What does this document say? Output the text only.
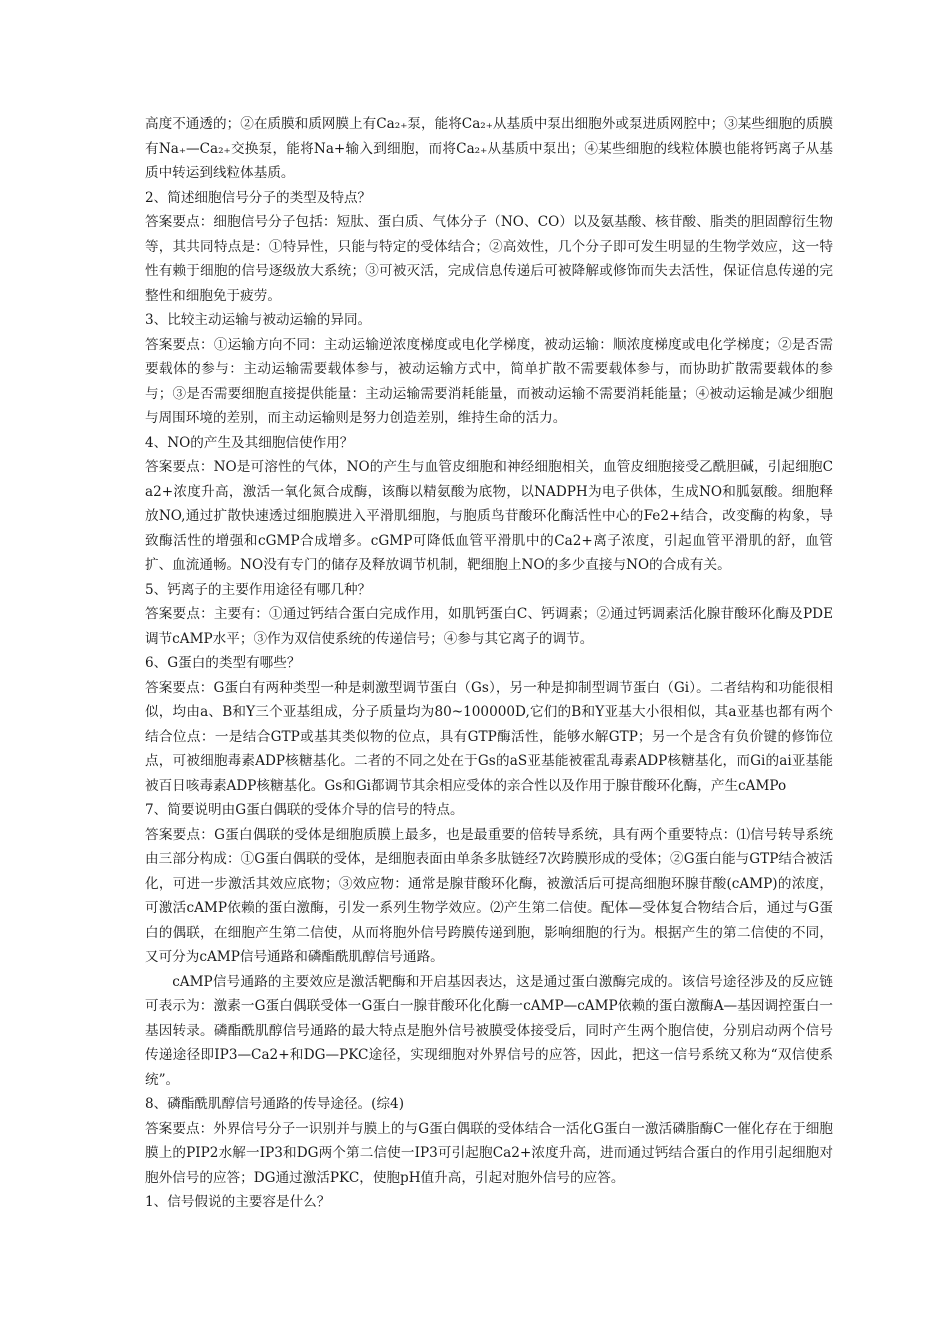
高度不通透的；②在质膜和质网膜上有Ca₂₊泵，能将Ca₂₊从基质中泵出细胞外或泵进质网腔中；③某些细胞的质膜有Na₊—Ca₂₊交换泵，能将Na+输入到细胞，而将Ca₂₊从基质中泵出；④某些细胞的线粒体膜也能将钙离子从基质中转运到线粒体基质。

2、简述细胞信号分子的类型及特点？

答案要点：细胞信号分子包括：短肽、蛋白质、气体分子（NO、CO）以及氨基酸、核苷酸、脂类的胆固醇衍生物等，其共同特点是：①特异性，只能与特定的受体结合；②高效性，几个分子即可发生明显的生物学效应，这一特性有赖于细胞的信号逐级放大系统；③可被灭活，完成信息传递后可被降解或修饰而失去活性，保证信息传递的完整性和细胞免于疲劳。

3、比较主动运输与被动运输的异同。

答案要点：①运输方向不同：主动运输逆浓度梯度或电化学梯度，被动运输：顺浓度梯度或电化学梯度；②是否需要载体的参与：主动运输需要载体参与，被动运输方式中，简单扩散不需要载体参与，而协助扩散需要载体的参与；③是否需要细胞直接提供能量：主动运输需要消耗能量，而被动运输不需要消耗能量；④被动运输是减少细胞与周围环境的差别，而主动运输则是努力创造差别，维持生命的活力。

4、NO的产生及其细胞信使作用？

答案要点：NO是可溶性的气体，NO的产生与血管皮细胞和神经细胞相关，血管皮细胞接受乙酰胆碱，引起细胞Ca2+浓度升高，激活一氧化氮合成酶，该酶以精氨酸为底物，以NADPH为电子供体，生成NO和胍氨酸。细胞释放NO,通过扩散快速透过细胞膜进入平滑肌细胞，与胞质鸟苷酸环化酶活性中心的Fe2+结合，改变酶的构象，导致酶活性的增强和cGMP合成增多。cGMP可降低血管平滑肌中的Ca2+离子浓度，引起血管平滑肌的舒，血管扩、血流通畅。NO没有专门的储存及释放调节机制，靶细胞上NO的多少直接与NO的合成有关。

5、钙离子的主要作用途径有哪几种？

答案要点：主要有：①通过钙结合蛋白完成作用，如肌钙蛋白C、钙调素；②通过钙调素活化腺苷酸环化酶及PDE调节cAMP水平；③作为双信使系统的传递信号；④参与其它离子的调节。

6、G蛋白的类型有哪些？

答案要点：G蛋白有两种类型一种是刺激型调节蛋白（Gs），另一种是抑制型调节蛋白（Gi）。二者结构和功能很相似，均由a、B和Y三个亚基组成，分子质量均为80~100000D,它们的B和Y亚基大小很相似，其a亚基也都有两个结合位点：一是结合GTP或基其类似物的位点，具有GTP酶活性，能够水解GTP；另一个是含有负价键的修饰位点，可被细胞毒素ADP核糖基化。二者的不同之处在于Gs的aS亚基能被霍乱毒素ADP核糖基化，而Gi的ai亚基能被百日咳毒素ADP核糖基化。Gs和Gi都调节其余相应受体的亲合性以及作用于腺苷酸环化酶，产生cAMPo

7、简要说明由G蛋白偶联的受体介导的信号的特点。

答案要点：G蛋白偶联的受体是细胞质膜上最多，也是最重要的倍转导系统，具有两个重要特点：⑴信号转导系统由三部分构成：①G蛋白偶联的受体，是细胞表面由单条多肽链经7次跨膜形成的受体；②G蛋白能与GTP结合被活化，可进一步激活其效应底物；③效应物：通常是腺苷酸环化酶，被激活后可提高细胞环腺苷酸(cAMP)的浓度，可激活cAMP依赖的蛋白激酶，引发一系列生物学效应。⑵产生第二信使。配体—受体复合物结合后，通过与G蛋白的偶联，在细胞产生第二信使，从而将胞外信号跨膜传递到胞，影响细胞的行为。根据产生的第二信使的不同，又可分为cAMP信号通路和磷酯酰肌醇信号通路。

cAMP信号通路的主要效应是激活靶酶和开启基因表达，这是通过蛋白激酶完成的。该信号途径涉及的反应链可表示为：激素一G蛋白偶联受体一G蛋白一腺苷酸环化化酶一cAMP—cAMP依赖的蛋白激酶A—基因调控蛋白一基因转录。磷酯酰肌醇信号通路的最大特点是胞外信号被膜受体接受后，同时产生两个胞信使，分别启动两个信号传递途径即IP3—Ca2+和DG—PKC途径，实现细胞对外界信号的应答，因此，把这一信号系统又称为“双信使系统”。

8、磷酯酰肌醇信号通路的传导途径。(综4)

答案要点：外界信号分子一识别并与膜上的与G蛋白偶联的受体结合一活化G蛋白一激活磷脂酶C一催化存在于细胞膜上的PIP2水解一IP3和DG两个第二信使一IP3可引起胞Ca2+浓度升高，进而通过钙结合蛋白的作用引起细胞对胞外信号的应答；DG通过激活PKC，使胞pH值升高，引起对胞外信号的应答。

1、信号假说的主要容是什么？
